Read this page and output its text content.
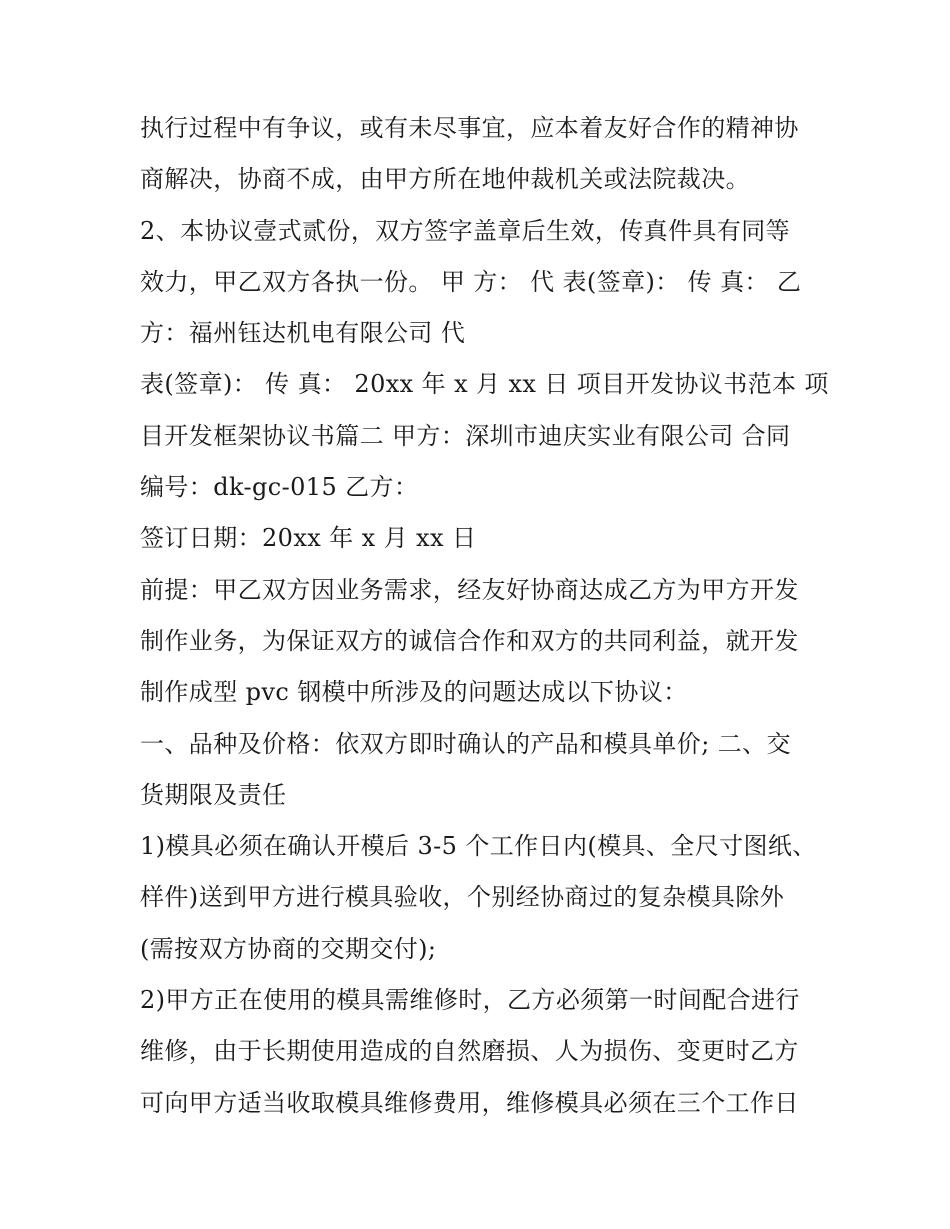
执行过程中有争议，或有未尽事宜，应本着友好合作的精神协
商解决，协商不成，由甲方所在地仲裁机关或法院裁决。
2、本协议壹式贰份，双方签字盖章后生效，传真件具有同等
效力，甲乙双方各执一份。 甲 方： 代 表(签章)： 传 真： 乙
方：福州钰达机电有限公司 代
表(签章)： 传 真： 20xx 年 x 月 xx 日 项目开发协议书范本 项
目开发框架协议书篇二 甲方：深圳市迪庆实业有限公司 合同
编号：dk-gc-015 乙方：
签订日期：20xx 年 x 月 xx 日
前提：甲乙双方因业务需求，经友好协商达成乙方为甲方开发
制作业务，为保证双方的诚信合作和双方的共同利益，就开发
制作成型 pvc 钢模中所涉及的问题达成以下协议：
一、品种及价格：依双方即时确认的产品和模具单价; 二、交
货期限及责任
1)模具必须在确认开模后 3-5 个工作日内(模具、全尺寸图纸、
样件)送到甲方进行模具验收，个别经协商过的复杂模具除外
(需按双方协商的交期交付);
2)甲方正在使用的模具需维修时，乙方必须第一时间配合进行
维修，由于长期使用造成的自然磨损、人为损伤、变更时乙方
可向甲方适当收取模具维修费用，维修模具必须在三个工作日
